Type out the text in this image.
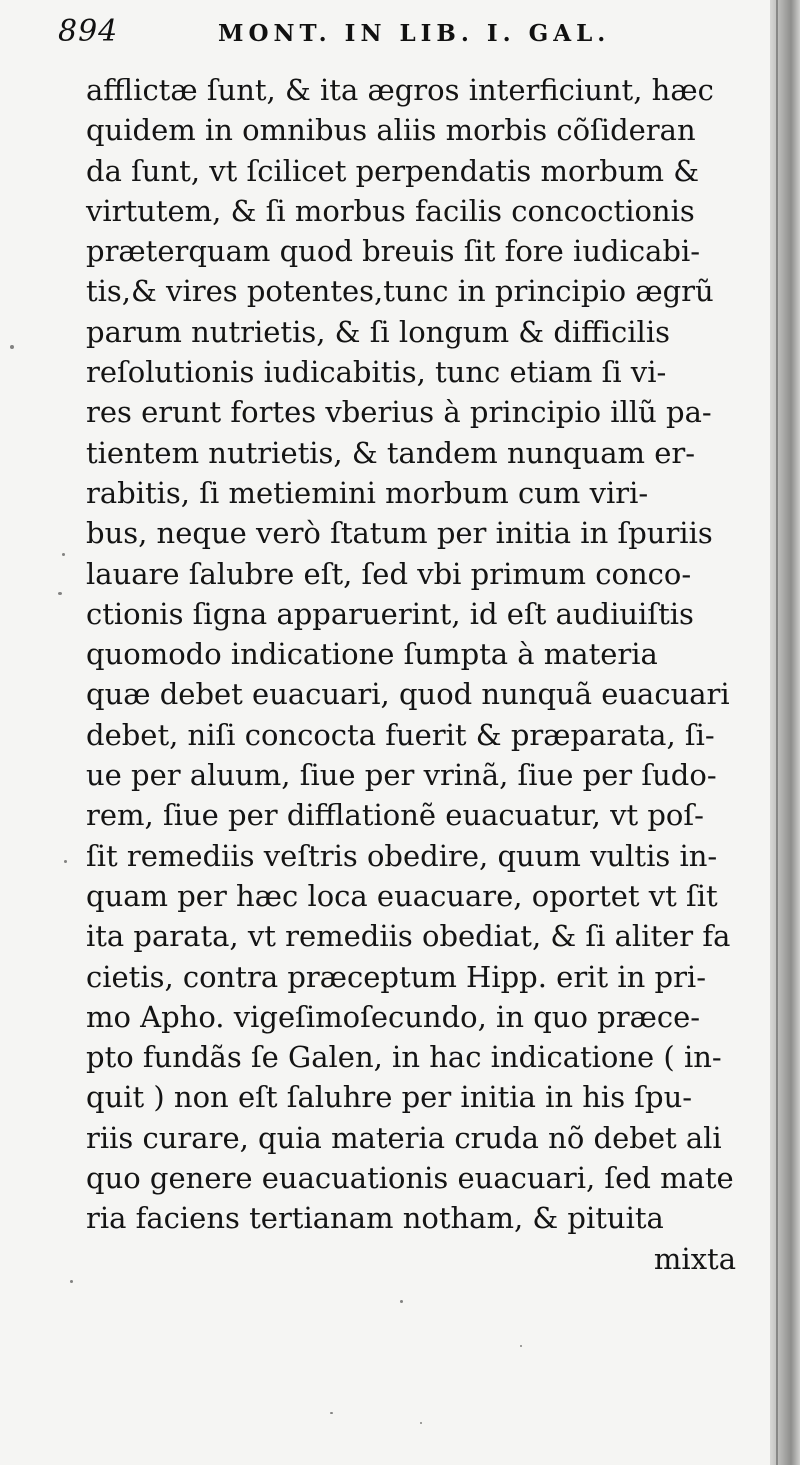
894	MONT. IN LIB. I. GAL.
afflictæ ſunt, & ita ægros interficiunt, hæc
quidem in omnibus aliis morbis cõſideran
da ſunt, vt ſcilicet perpendatis morbum &
virtutem, & ſi morbus facilis concoctionis
præterquam quod breuis ſit fore iudicabi-
tis,& vires potentes,tunc in principio ægrũ
parum nutrietis, & ſi longum & difficilis
reſolutionis iudicabitis, tunc etiam ſi vi-
res erunt fortes vberius à principio illũ pa-
tientem nutrietis, & tandem nunquam er-
rabitis, ſi metiemini morbum cum viri-
bus, neque verò ſtatum per initia in ſpuriis
lauare ſalubre eſt, ſed vbi primum conco-
ctionis ſigna apparuerint, id eſt audiuiſtis
quomodo indicatione ſumpta à materia
quæ debet euacuari, quod nunquã euacuari
debet, niſi concocta fuerit & præparata, ſi-
ue per aluum, ſiue per vrinã, ſiue per ſudo-
rem, ſiue per difflationẽ euacuatur, vt poſ-
ſit remediis veſtris obedire, quum vultis in-
quam per hæc loca euacuare, oportet vt ſit
ita parata, vt remediis obediat, & ſi aliter fa
cietis, contra præceptum Hipp. erit in pri-
mo Apho. vigeſimoſecundo, in quo præce-
pto fundãs ſe Galen, in hac indicatione ( in-
quit ) non eſt ſaluhre per initia in his ſpu-
riis curare, quia materia cruda nõ debet ali
quo genere euacuationis euacuari, ſed mate
ria faciens tertianam notham, & pituita
mixta
